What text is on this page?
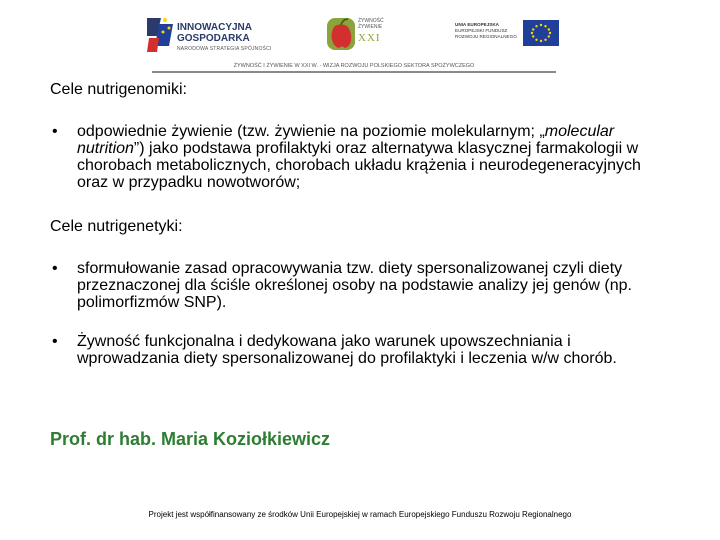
INNOWACYJNA
GOSPODARKA
NARODOWA STRATEGIA SPÓJNOŚCI
ŻYWNOŚĆ
ŻYWIENIE
XXI
UNIA EUROPEJSKA
EUROPEJSKI FUNDUSZ
ROZWOJU REGIONALNEGO
ŻYWNOŚĆ I ŻYWIENIE W XXI W. - WIZJA ROZWOJU POLSKIEGO SEKTORA SPOŻYWCZEGO
Cele nutrigenomiki:
• odpowiednie żywienie (tzw. żywienie na poziomie molekularnym; „molecular nutrition”) jako podstawa profilaktyki oraz alternatywa klasycznej farmakologii w chorobach metabolicznych, chorobach układu krążenia i neurodegeneracyjnych oraz w przypadku nowotworów;
Cele nutrigenetyki:
• sformułowanie zasad opracowywania tzw. diety spersonalizowanej czyli diety przeznaczonej dla ściśle określonej osoby na podstawie analizy jej genów (np. polimorfizmów SNP).
• Żywność funkcjonalna i dedykowana jako warunek upowszechniania i wprowadzania diety spersonalizowanej do profilaktyki i leczenia w/w chorób.
Prof. dr hab. Maria Koziołkiewicz
Projekt jest współfinansowany ze środków Unii Europejskiej w ramach Europejskiego Funduszu Rozwoju Regionalnego
